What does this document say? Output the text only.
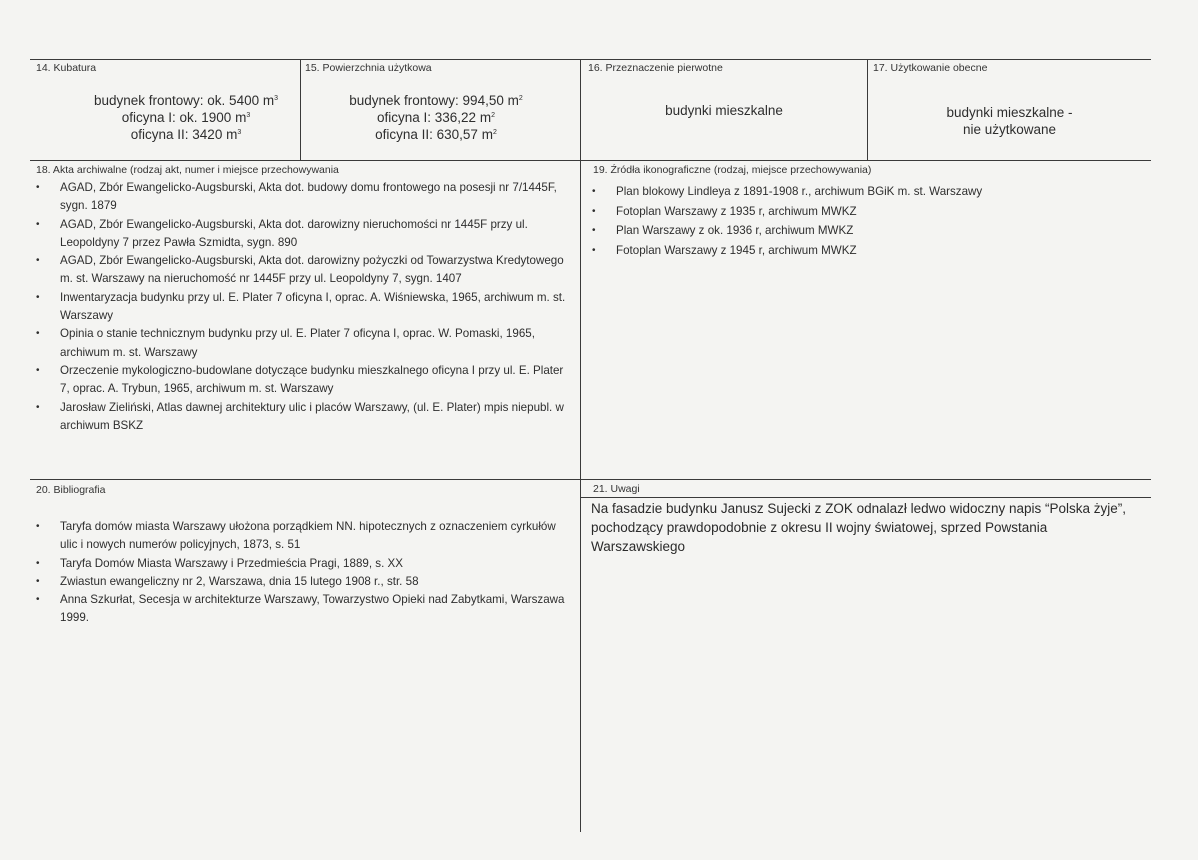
14. Kubatura
budynek frontowy: ok. 5400 $m^3$
oficyna I: ok. 1900 $m^3$
oficyna II: 3420 $m^3$
15. Powierzchnia użytkowa
budynek frontowy: 994,50 $m^2$
oficyna I: 336,22 $m^2$
oficyna II: 630,57 $m^2$
16. Przeznaczenie pierwotne
budynki mieszkalne
17. Użytkowanie obecne
budynki mieszkalne -
nie użytkowane
18. Akta archiwalne (rodzaj akt, numer i miejsce przechowywania
• AGAD, Zbór Ewangelicko-Augsburski, Akta dot. budowy domu frontowego na posesji nr 7/1445F, sygn. 1879
• AGAD, Zbór Ewangelicko-Augsburski, Akta dot. darowizny nieruchomości nr 1445F przy ul. Leopoldyny 7 przez Pawła Szmidta, sygn. 890
• AGAD, Zbór Ewangelicko-Augsburski, Akta dot. darowizny pożyczki od Towarzystwa Kredytowego m. st. Warszawy na nieruchomość nr 1445F przy ul. Leopoldyny 7, sygn. 1407
• Inwentaryzacja budynku przy ul. E. Plater 7 oficyna I, oprac. A. Wiśniewska, 1965, archiwum m. st. Warszawy
• Opinia o stanie technicznym budynku przy ul. E. Plater 7 oficyna I, oprac. W. Pomaski, 1965, archiwum m. st. Warszawy
• Orzeczenie mykologiczno-budowlane dotyczące budynku mieszkalnego oficyna I przy ul. E. Plater 7, oprac. A. Trybun, 1965, archiwum m. st. Warszawy
• Jarosław Zieliński, Atlas dawnej architektury ulic i placów Warszawy, (ul. E. Plater) mpis niepubl. w archiwum BSKZ
19. Źródła ikonograficzne (rodzaj, miejsce przechowywania)
• Plan blokowy Lindleya z 1891-1908 r., archiwum BGiK m. st. Warszawy
• Fotoplan Warszawy z 1935 r, archiwum MWKZ
• Plan Warszawy z ok. 1936 r, archiwum MWKZ
• Fotoplan Warszawy z 1945 r, archiwum MWKZ
20. Bibliografia
• Taryfa domów miasta Warszawy ułożona porządkiem NN. hipotecznych z oznaczeniem cyrkułów ulic i nowych numerów policyjnych, 1873, s. 51
• Taryfa Domów Miasta Warszawy i Przedmieścia Pragi, 1889, s. XX
• Zwiastun ewangeliczny nr 2, Warszawa, dnia 15 lutego 1908 r., str. 58
• Anna Szkurłat, Secesja w architekturze Warszawy, Towarzystwo Opieki nad Zabytkami, Warszawa 1999.
21. Uwagi
Na fasadzie budynku Janusz Sujecki z ZOK odnalazł ledwo widoczny napis “Polska żyje”, pochodzący prawdopodobnie z okresu II wojny światowej, sprzed Powstania Warszawskiego
